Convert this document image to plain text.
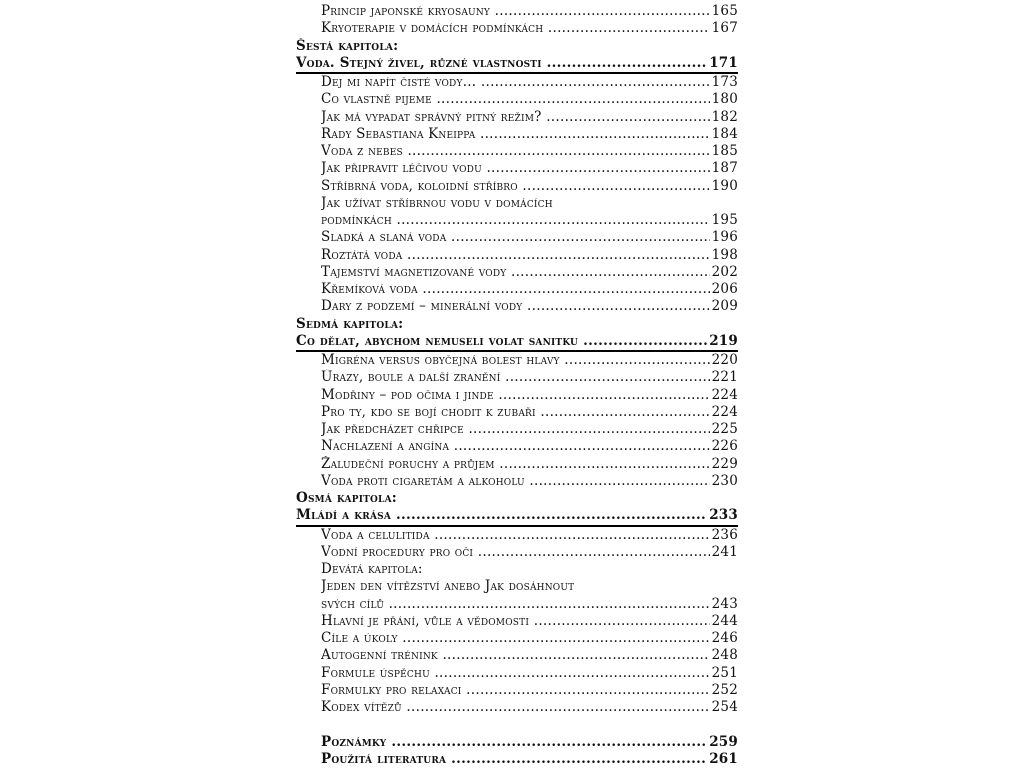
Princip japonské kryosauny .....	165
Kryoterapie v domácích podmínkách .....	167
Šestá kapitola:
Voda. Stejný živel, různé vlastnosti .....	171
Dej mi napít čisté vody… .....	173
Co vlastně pijeme .....	180
Jak má vypadat správný pitný režim? .....	182
Rady Sebastiana Kneippa .....	184
Voda z nebes .....	185
Jak připravit léčivou vodu .....	187
Stříbrná voda, koloidní stříbro .....	190
Jak užívat stříbrnou vodu v domácích
podmínkách .....	195
Sladká a slaná voda .....	196
Roztátá voda .....	198
Tajemství magnetizované vody .....	202
Křemíková voda .....	206
Dary z podzemí – minerální vody .....	209
Sedmá kapitola:
Co dělat, abychom nemuseli volat sanitku .....	219
Migréna versus obyčejná bolest hlavy .....	220
Úrazy, boule a další zranění .....	221
Modřiny – pod očima i jinde .....	224
Pro ty, kdo se bojí chodit k zubaři .....	224
Jak předcházet chřipce .....	225
Nachlazení a angína .....	226
Žaludeční poruchy a průjem .....	229
Voda proti cigaretám a alkoholu .....	230
Osmá kapitola:
Mládí a krása .....	233
Voda a celulitida .....	236
Vodní procedury pro oči .....	241
Devátá kapitola:
Jeden den vítězství anebo Jak dosáhnout
svých cílů .....	243
Hlavní je přání, vůle a vědomosti .....	244
Cíle a úkoly .....	246
Autogenní trénink .....	248
Formule úspěchu .....	251
Formulky pro relaxaci .....	252
Kodex vítězů .....	254
Poznámky .....	259
Použitá literatura .....	261
